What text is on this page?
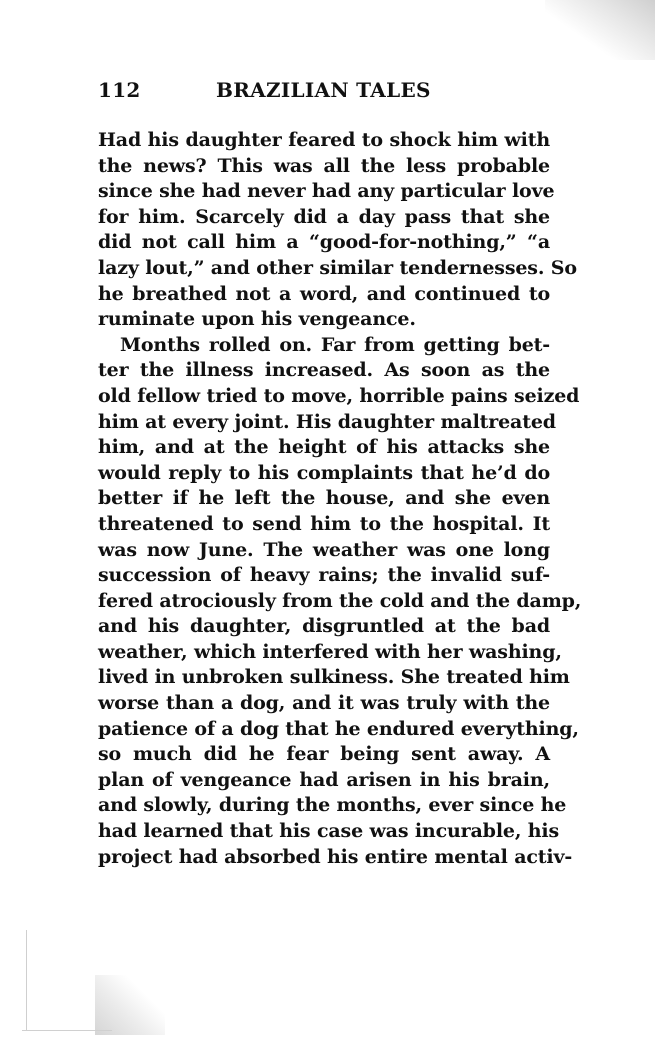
112	BRAZILIAN TALES
Had his daughter feared to shock him with
the news? This was all the less probable
since she had never had any particular love
for him. Scarcely did a day pass that she
did not call him a “good-for-nothing,” “a
lazy lout,” and other similar tendernesses. So
he breathed not a word, and continued to
ruminate upon his vengeance.
Months rolled on. Far from getting bet-
ter the illness increased. As soon as the
old fellow tried to move, horrible pains seized
him at every joint. His daughter maltreated
him, and at the height of his attacks she
would reply to his complaints that he’d do
better if he left the house, and she even
threatened to send him to the hospital. It
was now June. The weather was one long
succession of heavy rains; the invalid suf-
fered atrociously from the cold and the damp,
and his daughter, disgruntled at the bad
weather, which interfered with her washing,
lived in unbroken sulkiness. She treated him
worse than a dog, and it was truly with the
patience of a dog that he endured everything,
so much did he fear being sent away. A
plan of vengeance had arisen in his brain,
and slowly, during the months, ever since he
had learned that his case was incurable, his
project had absorbed his entire mental activ-
